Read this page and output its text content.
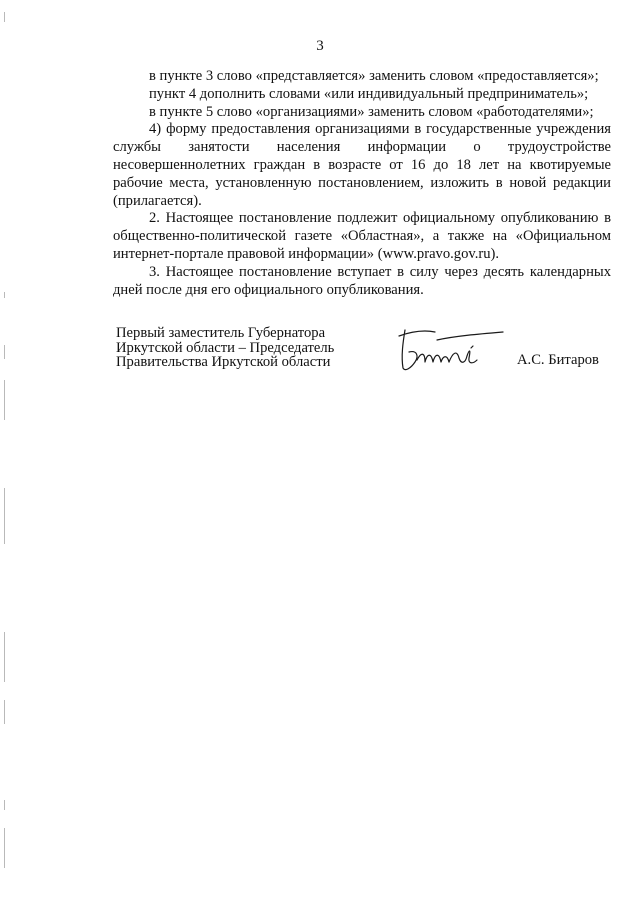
3

в пункте 3 слово «представляется» заменить словом «предоставляется»;

пункт 4 дополнить словами «или индивидуальный предприниматель»;

в пункте 5 слово «организациями» заменить словом «работодателями»;

4) форму предоставления организациями в государственные учреждения службы занятости населения информации о трудоустройстве несовершеннолетних граждан в возрасте от 16 до 18 лет на квотируемые рабочие места, установленную постановлением, изложить в новой редакции (прилагается).

2. Настоящее постановление подлежит официальному опубликованию в общественно-политической газете «Областная», а также на «Официальном интернет-портале правовой информации» (www.pravo.gov.ru).

3. Настоящее постановление вступает в силу через десять календарных дней после дня его официального опубликования.

Первый заместитель Губернатора
Иркутской области – Председатель
Правительства Иркутской области	А.С. Битаров
